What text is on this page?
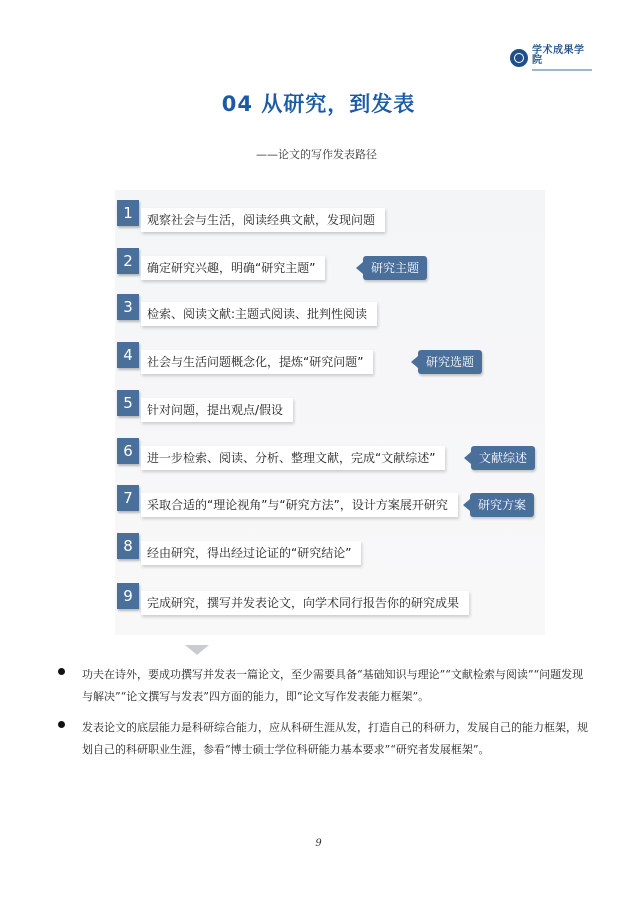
学术成果学院
04 从研究，到发表
——论文的写作发表路径
1	观察社会与生活，阅读经典文献，发现问题
2	确定研究兴趣，明确“研究主题”	研究主题
3	检索、阅读文献:主题式阅读、批判性阅读
4	社会与生活问题概念化，提炼“研究问题”	研究选题
5	针对问题，提出观点/假设
6	进一步检索、阅读、分析、整理文献，完成“文献综述”	文献综述
7	采取合适的“理论视角”与“研究方法”，设计方案展开研究	研究方案
8	经由研究，得出经过论证的“研究结论”
9	完成研究，撰写并发表论文，向学术同行报告你的研究成果
功夫在诗外，要成功撰写并发表一篇论文，至少需要具备“基础知识与理论”“文献检索与阅读”“问题发现与解决”“论文撰写与发表”四方面的能力，即“论文写作发表能力框架”。
发表论文的底层能力是科研综合能力，应从科研生涯从发，打造自己的科研力，发展自己的能力框架，规划自己的科研职业生涯，参看“博士硕士学位科研能力基本要求”“研究者发展框架”。
9
